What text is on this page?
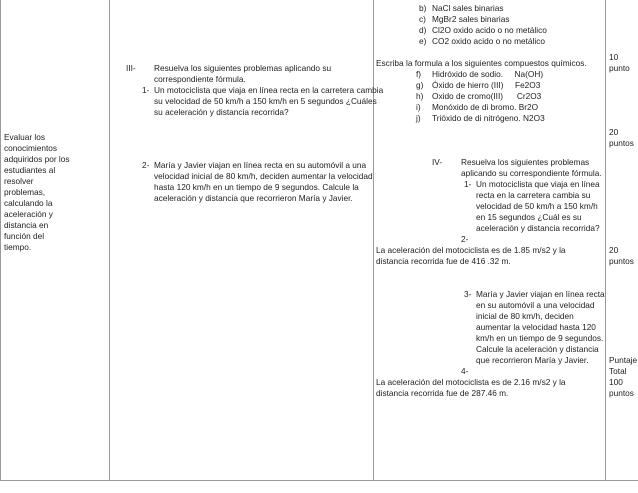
Evaluar los
conocimientos
adquiridos por los
estudiantes al
resolver
problemas,
calculando la
aceleración y
distancia en
función del
tiempo.
III- Resuelva los siguientes problemas aplicando su
correspondiente fórmula.
1- Un motociclista que viaja en línea recta en la carretera cambia
su velocidad de 50 km/h a 150 km/h en 5 segundos ¿Cuáles
su aceleración y distancia recorrida?
2- María y Javier viajan en línea recta en su automóvil a una
velocidad inicial de 80 km/h, deciden aumentar la velocidad
hasta 120 km/h en un tiempo de 9 segundos. Calcule la
aceleración y distancia que recorrieron María y Javier.
b) NaCl sales binarias
c) MgBr2 sales binarias
d) Cl2O oxido acido o no metálico
e) CO2 oxido acido o no metálico
Escriba la formula a los siguientes compuestos químicos.
f) Hidróxido de sodio.     Na(OH)
g) Óxido de hierro (III)     Fe2O3
h) Oxido de cromo(III)      Cr2O3
i) Monóxido de di bromo. Br2O
j) Trióxido de di nitrógeno. N2O3
IV- Resuelva los siguientes problemas
aplicando su correspondiente fórmula.
1- Un motociclista que viaja en línea
recta en la carretera cambia su
velocidad de 50 km/h a 150 km/h
en 15 segundos ¿Cuál es su
aceleración y distancia recorrida?
2-
La aceleración del motociclista es de 1.85 m/s2 y la
distancia recorrida fue de 416 .32 m.
3- María y Javier viajan en línea recta
en su automóvil a una velocidad
inicial de 80 km/h, deciden
aumentar la velocidad hasta 120
km/h en un tiempo de 9 segundos.
Calcule la aceleración y distancia
que recorrieron María y Javier.
4-
La aceleración del motociclista es de 2.16 m/s2 y la
distancia recorrida fue de 287.46 m.
10
punto
20
puntos
20
puntos
Puntaje
Total
100
puntos
